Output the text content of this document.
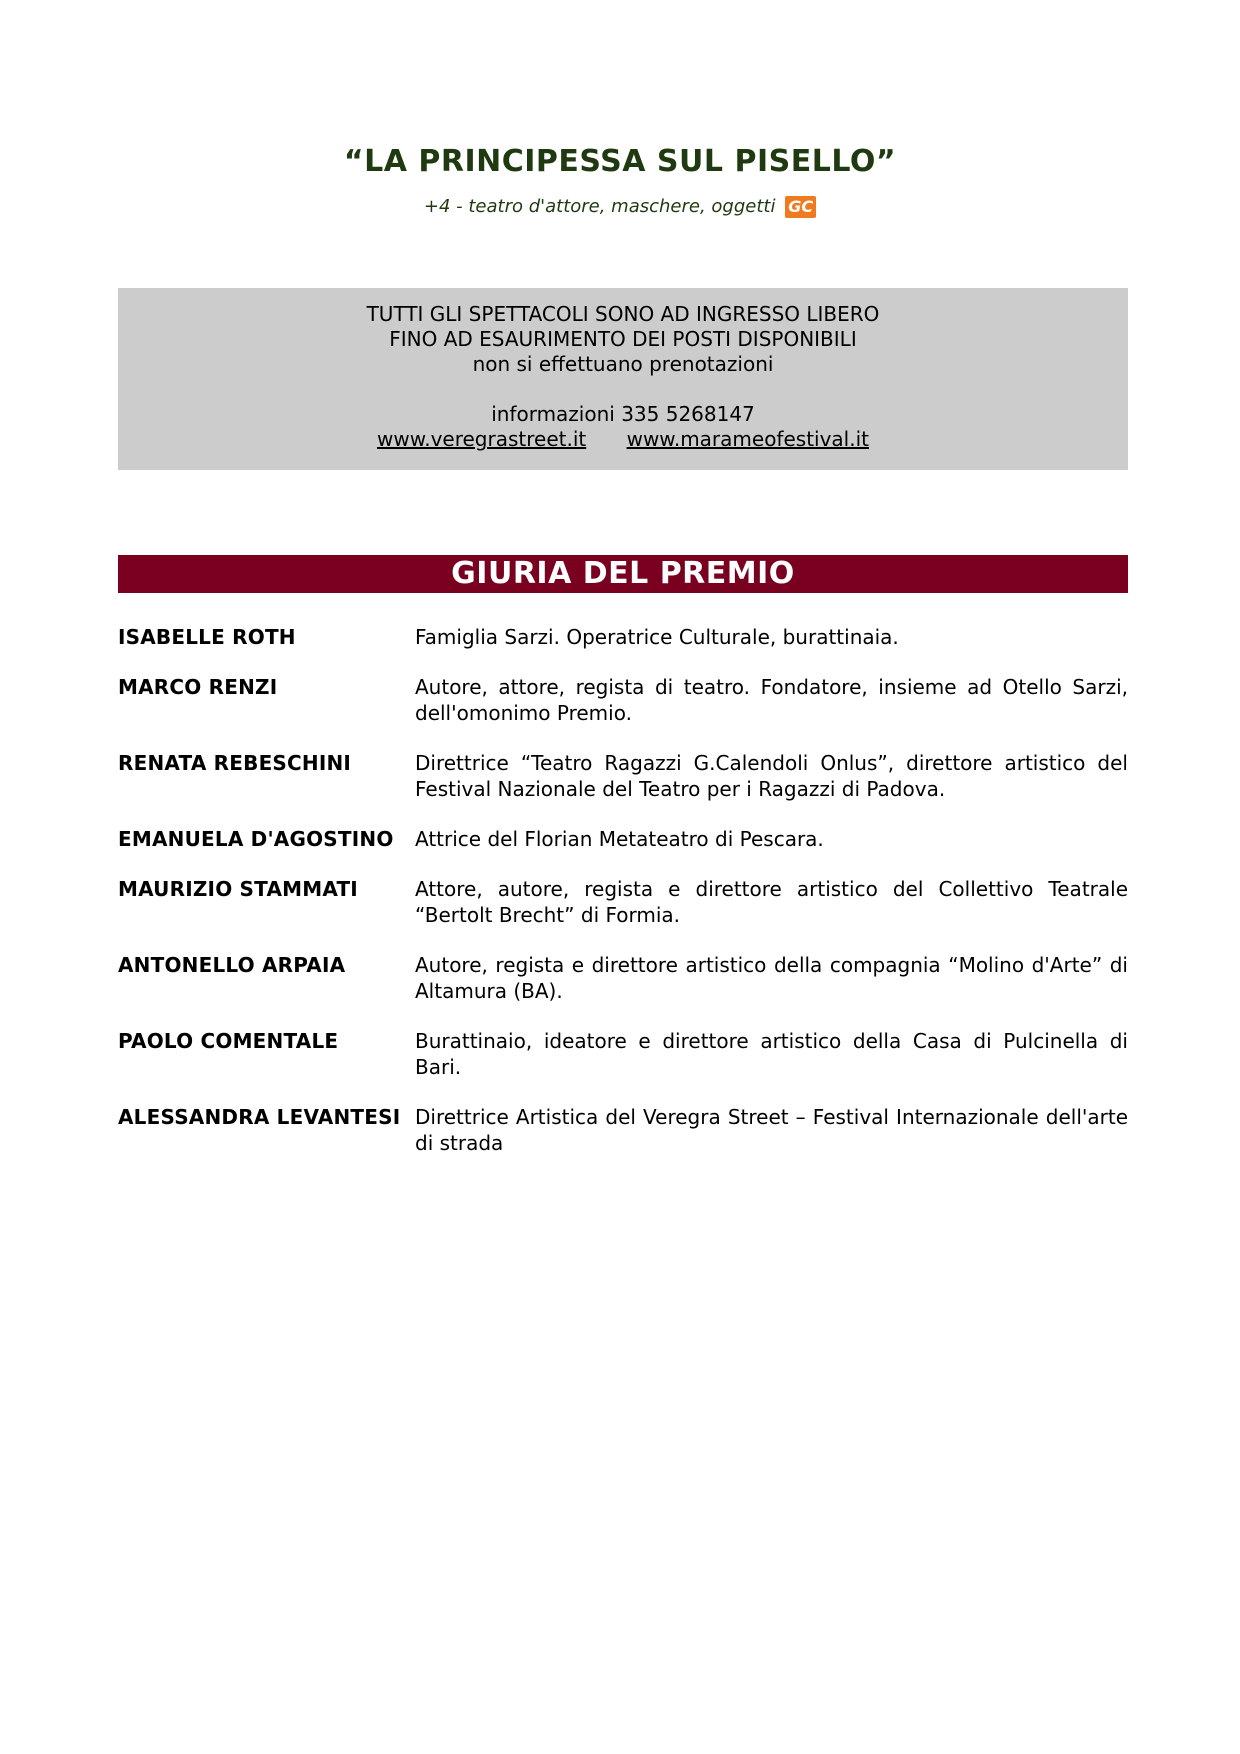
“LA PRINCIPESSA SUL PISELLO”
+4 - teatro d'attore, maschere, oggetti GC
TUTTI GLI SPETTACOLI SONO AD INGRESSO LIBERO
FINO AD ESAURIMENTO DEI POSTI DISPONIBILI
non si effettuano prenotazioni
informazioni 335 5268147
www.veregrastreet.it www.marameofestival.it
GIURIA DEL PREMIO
ISABELLE ROTH	Famiglia Sarzi. Operatrice Culturale, burattinaia.
MARCO RENZI	Autore, attore, regista di teatro. Fondatore, insieme ad Otello Sarzi, dell'omonimo Premio.
RENATA REBESCHINI	Direttrice “Teatro Ragazzi G.Calendoli Onlus”, direttore artistico del Festival Nazionale del Teatro per i Ragazzi di Padova.
EMANUELA D'AGOSTINO	Attrice del Florian Metateatro di Pescara.
MAURIZIO STAMMATI	Attore, autore, regista e direttore artistico del Collettivo Teatrale “Bertolt Brecht” di Formia.
ANTONELLO ARPAIA	Autore, regista e direttore artistico della compagnia “Molino d'Arte” di Altamura (BA).
PAOLO COMENTALE	Burattinaio, ideatore e direttore artistico della Casa di Pulcinella di Bari.
ALESSANDRA LEVANTESI Direttrice Artistica del Veregra Street – Festival Internazionale dell'arte di strada
